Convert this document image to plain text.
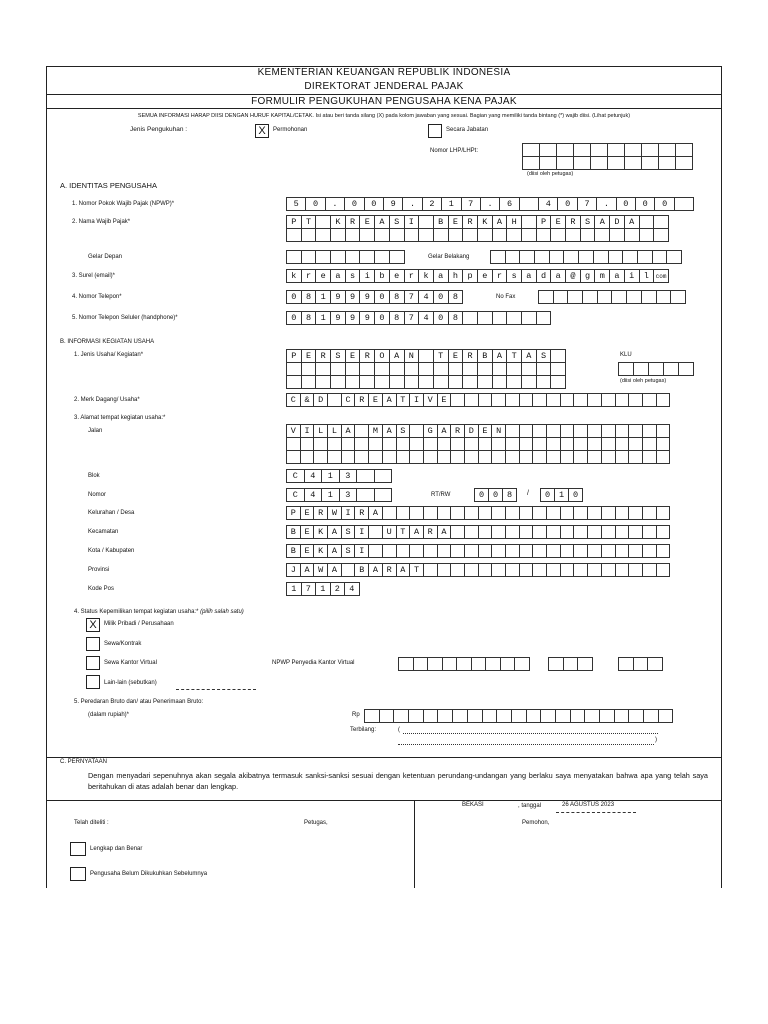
KEMENTERIAN KEUANGAN REPUBLIK INDONESIA
DIREKTORAT JENDERAL PAJAK
FORMULIR PENGUKUHAN PENGUSAHA KENA PAJAK
SEMUA INFORMASI HARAP DIISI DENGAN HURUF KAPITAL/CETAK. Isi atau beri tanda silang (X) pada kolom jawaban yang sesuai. Bagian yang memiliki tanda bintang (*) wajib diisi. (Lihat petunjuk)
Jenis Pengukuhan :	X	Permohonan	Secara Jabatan
Nomor LHP/LHPt:
(diisi oleh petugas)
A. IDENTITAS PENGUSAHA
1. Nomor Pokok Wajib Pajak (NPWP)*	5	0	.	0	0	9	.	2	1	7	.	6	4	0	7	.	0	0	0
2. Nama Wajib Pajak*	P	T	K	R	E	A	S	I	B	E	R	K	A	H	P	E	R	S	A	D	A
Gelar Depan	Gelar Belakang
3. Surel (email)*	k	r	e	a	s	i	b	e	r	k	a	h	p	e	r	s	a	d	a	@	g	m	a	i	l	com
4. Nomor Telepon*	0	8	1	9	9	9	0	8	7	4	0	8	No Fax
5. Nomor Telepon Seluler (handphone)*	0	8	1	9	9	9	0	8	7	4	0	8
B. INFORMASI KEGIATAN USAHA
1. Jenis Usaha/ Kegiatan*	P	E	R	S	E	R	O	A	N	T	E	R	B	A	T	A	S	KLU
(diisi oleh petugas)
2. Merk Dagang/ Usaha*	C	&	D	C	R	E	A	T	I	V	E
3. Alamat tempat kegiatan usaha:*
Jalan	V	I	L	L	A	M	A	S	G	A	R	D	E	N
Blok	C	4	1	3
Nomor	C	4	1	3	RT/RW	0	0	8	/	0	1	0
Kelurahan / Desa	P	E	R	W	I	R	A
Kecamatan	B	E	K	A	S	I	U	T	A	R	A
Kota / Kabupaten	B	E	K	A	S	I
Provinsi	J	A	W	A	B	A	R	A	T
Kode Pos	1	7	1	2	4
4. Status Kepemilikan tempat kegiatan usaha:* (pilih salah satu)
X	Milik Pribadi / Perusahaan
Sewa/Kontrak
Sewa Kantor Virtual	NPWP Penyedia Kantor Virtual
Lain-lain (sebutkan)
5. Peredaran Bruto dan/ atau Penerimaan Bruto:
(dalam rupiah)*	Rp
Terbilang:	(
)
C. PERNYATAAN
Dengan menyadari sepenuhnya akan segala akibatnya termasuk sanksi-sanksi sesuai dengan ketentuan perundang-undangan yang berlaku saya menyatakan bahwa apa yang telah saya beritahukan di atas adalah benar dan lengkap.
BEKASI	, tanggal	26 AGUSTUS 2023
Telah diteliti :	Petugas,	Pemohon,
Lengkap dan Benar
Pengusaha Belum Dikukuhkan Sebelumnya
